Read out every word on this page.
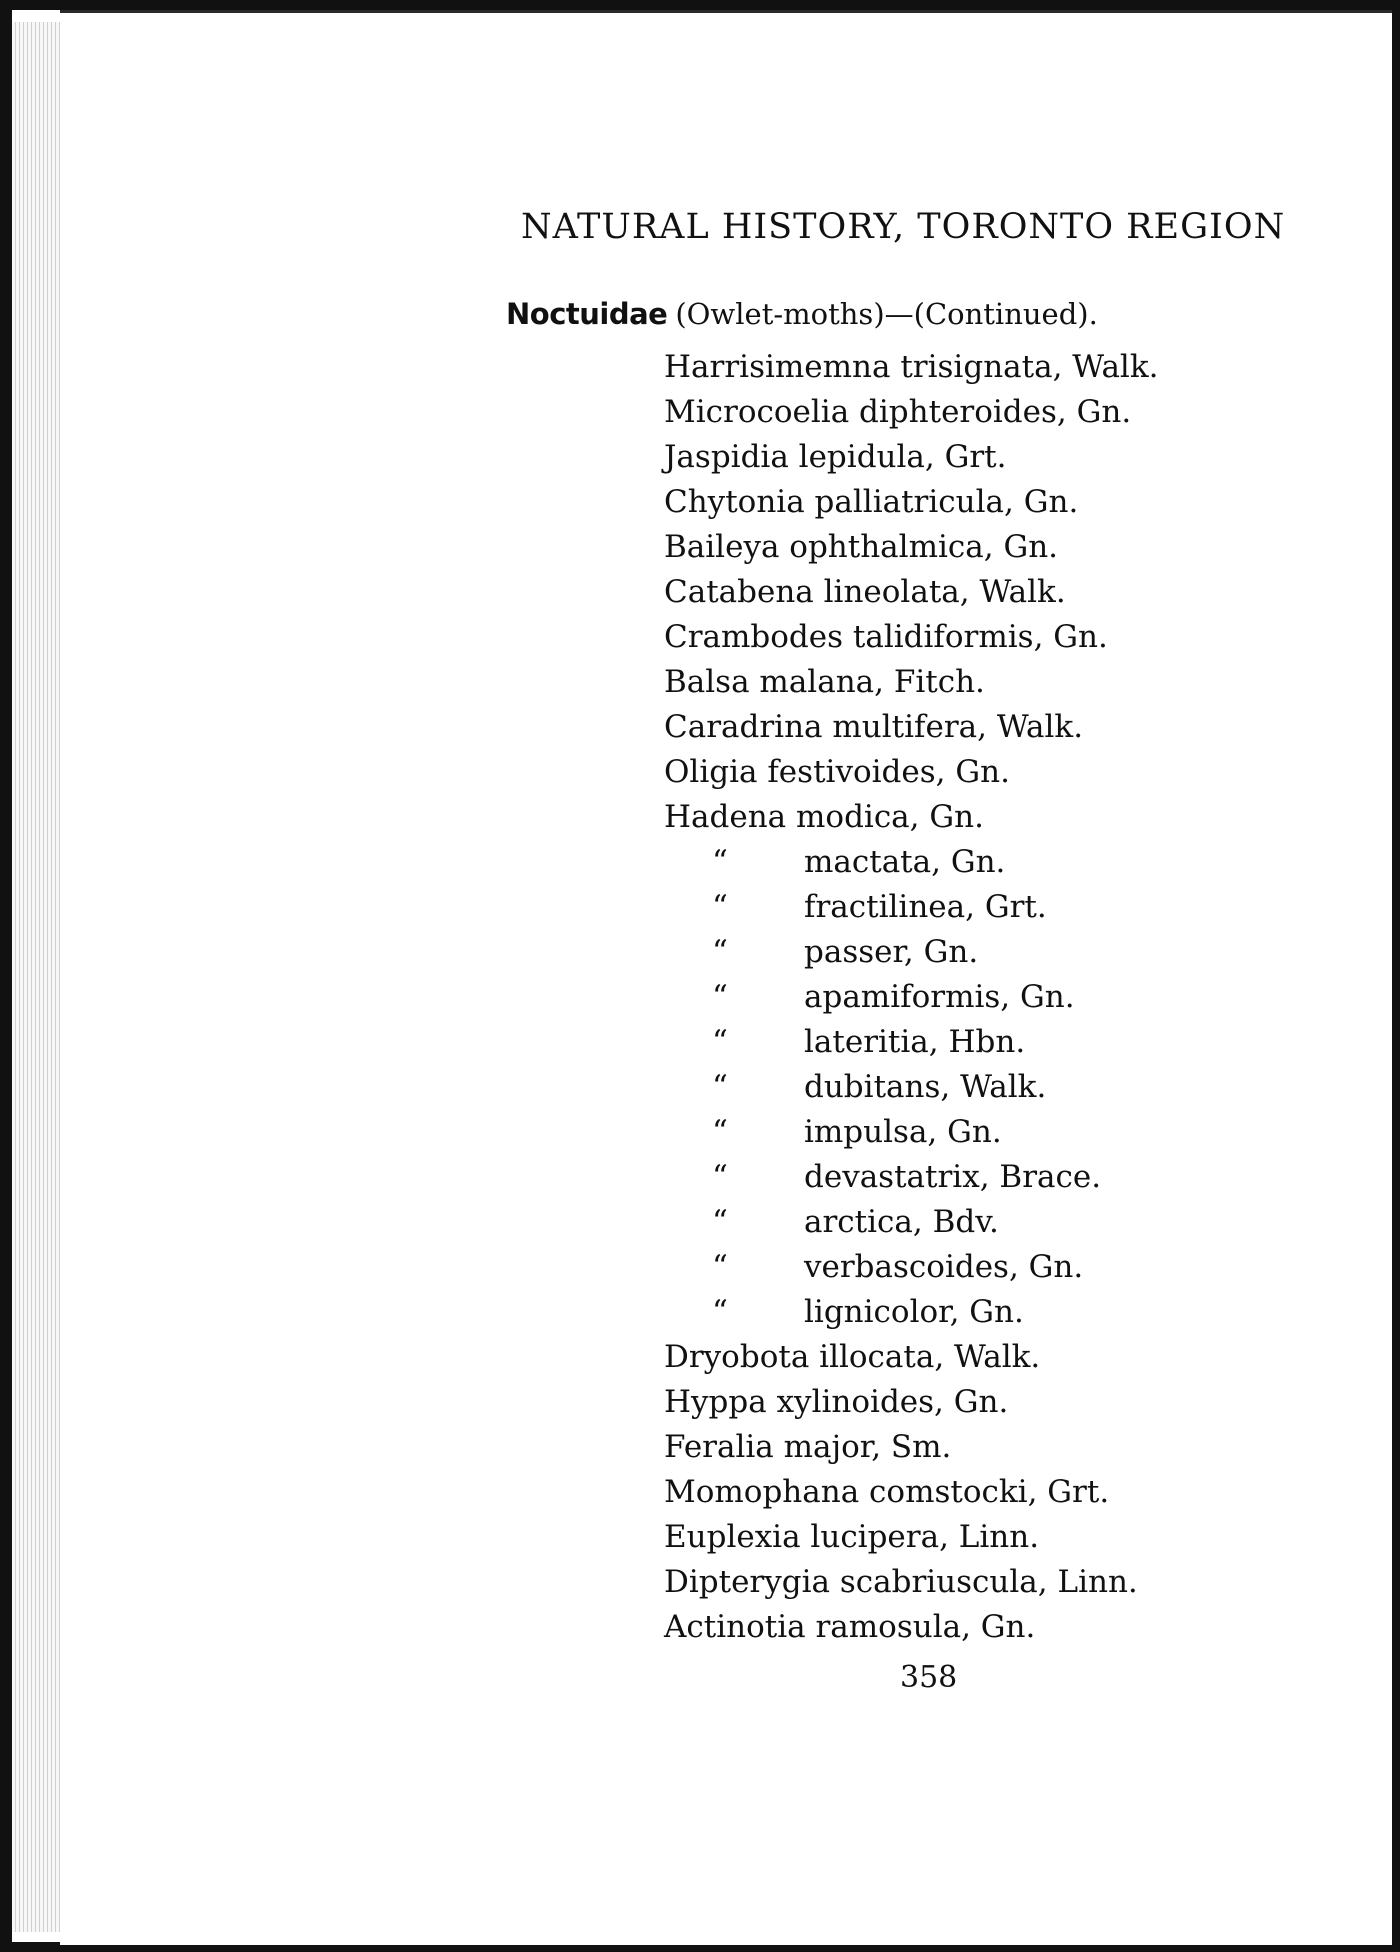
NATURAL HISTORY, TORONTO REGION
Noctuidae (Owlet-moths)—(Continued).
Harrisimemna trisignata, Walk.
Microcoelia diphteroides, Gn.
Jaspidia lepidula, Grt.
Chytonia palliatricula, Gn.
Baileya ophthalmica, Gn.
Catabena lineolata, Walk.
Crambodes talidiformis, Gn.
Balsa malana, Fitch.
Caradrina multifera, Walk.
Oligia festivoides, Gn.
Hadena modica, Gn.
“ mactata, Gn.
“ fractilinea, Grt.
“ passer, Gn.
“ apamiformis, Gn.
“ lateritia, Hbn.
“ dubitans, Walk.
“ impulsa, Gn.
“ devastatrix, Brace.
“ arctica, Bdv.
“ verbascoides, Gn.
“ lignicolor, Gn.
Dryobota illocata, Walk.
Hyppa xylinoides, Gn.
Feralia major, Sm.
Momophana comstocki, Grt.
Euplexia lucipera, Linn.
Dipterygia scabriuscula, Linn.
Actinotia ramosula, Gn.
358
